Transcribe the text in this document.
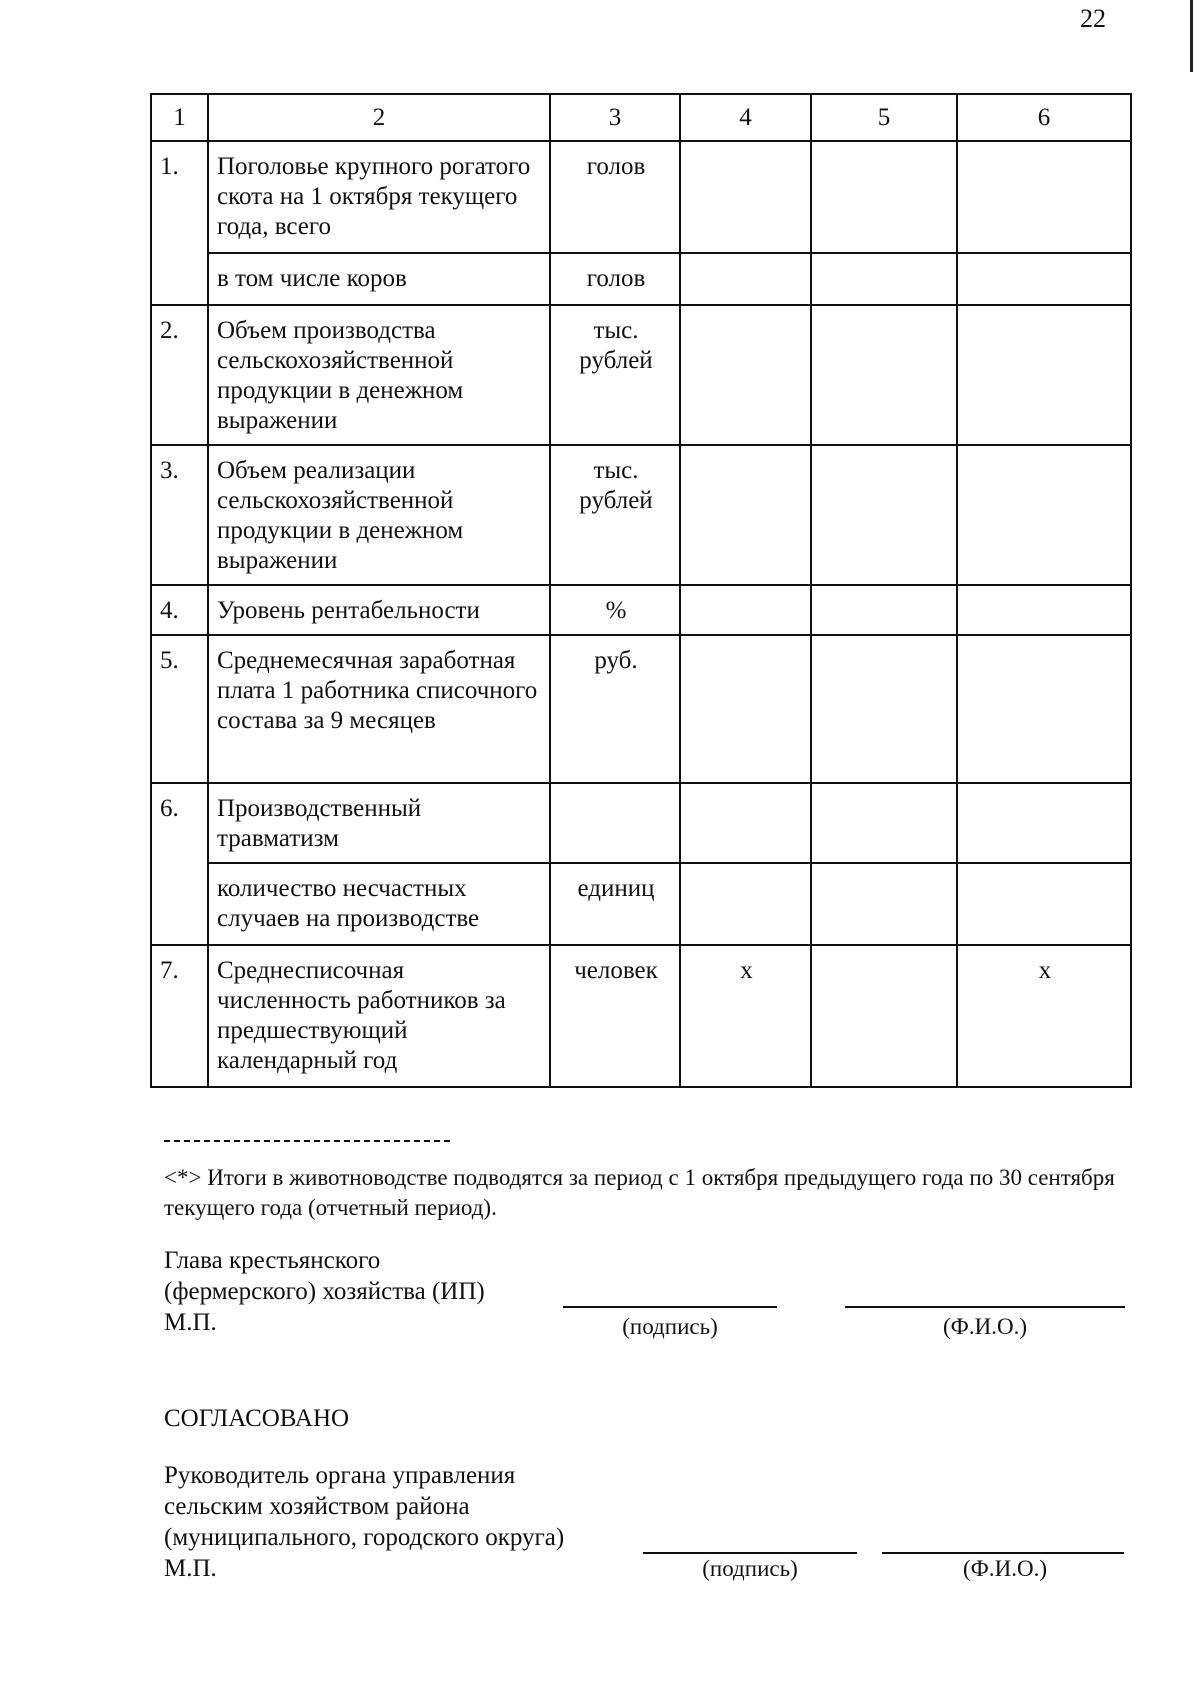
22
1	2	3	4	5	6
1.	Поголовье крупного рогатого скота на 1 октября текущего года, всего	голов			
	в том числе коров	голов			
2.	Объем производства сельскохозяйственной продукции в денежном выражении	тыс. рублей			
3.	Объем реализации сельскохозяйственной продукции в денежном выражении	тыс. рублей			
4.	Уровень рентабельности	%			
5.	Среднемесячная заработная плата 1 работника списочного состава за 9 месяцев	руб.			
6.	Производственный травматизм				
	количество несчастных случаев на производстве	единиц			
7.	Среднесписочная численность работников за предшествующий календарный год	человек	х		х
<*> Итоги в животноводстве подводятся за период с 1 октября предыдущего года по 30 сентября текущего года (отчетный период).
Глава крестьянского
(фермерского) хозяйства (ИП)
М.П.	(подпись)	(Ф.И.О.)
СОГЛАСОВАНО
Руководитель органа управления
сельским хозяйством района
(муниципального, городского округа)
М.П.	(подпись)	(Ф.И.О.)
